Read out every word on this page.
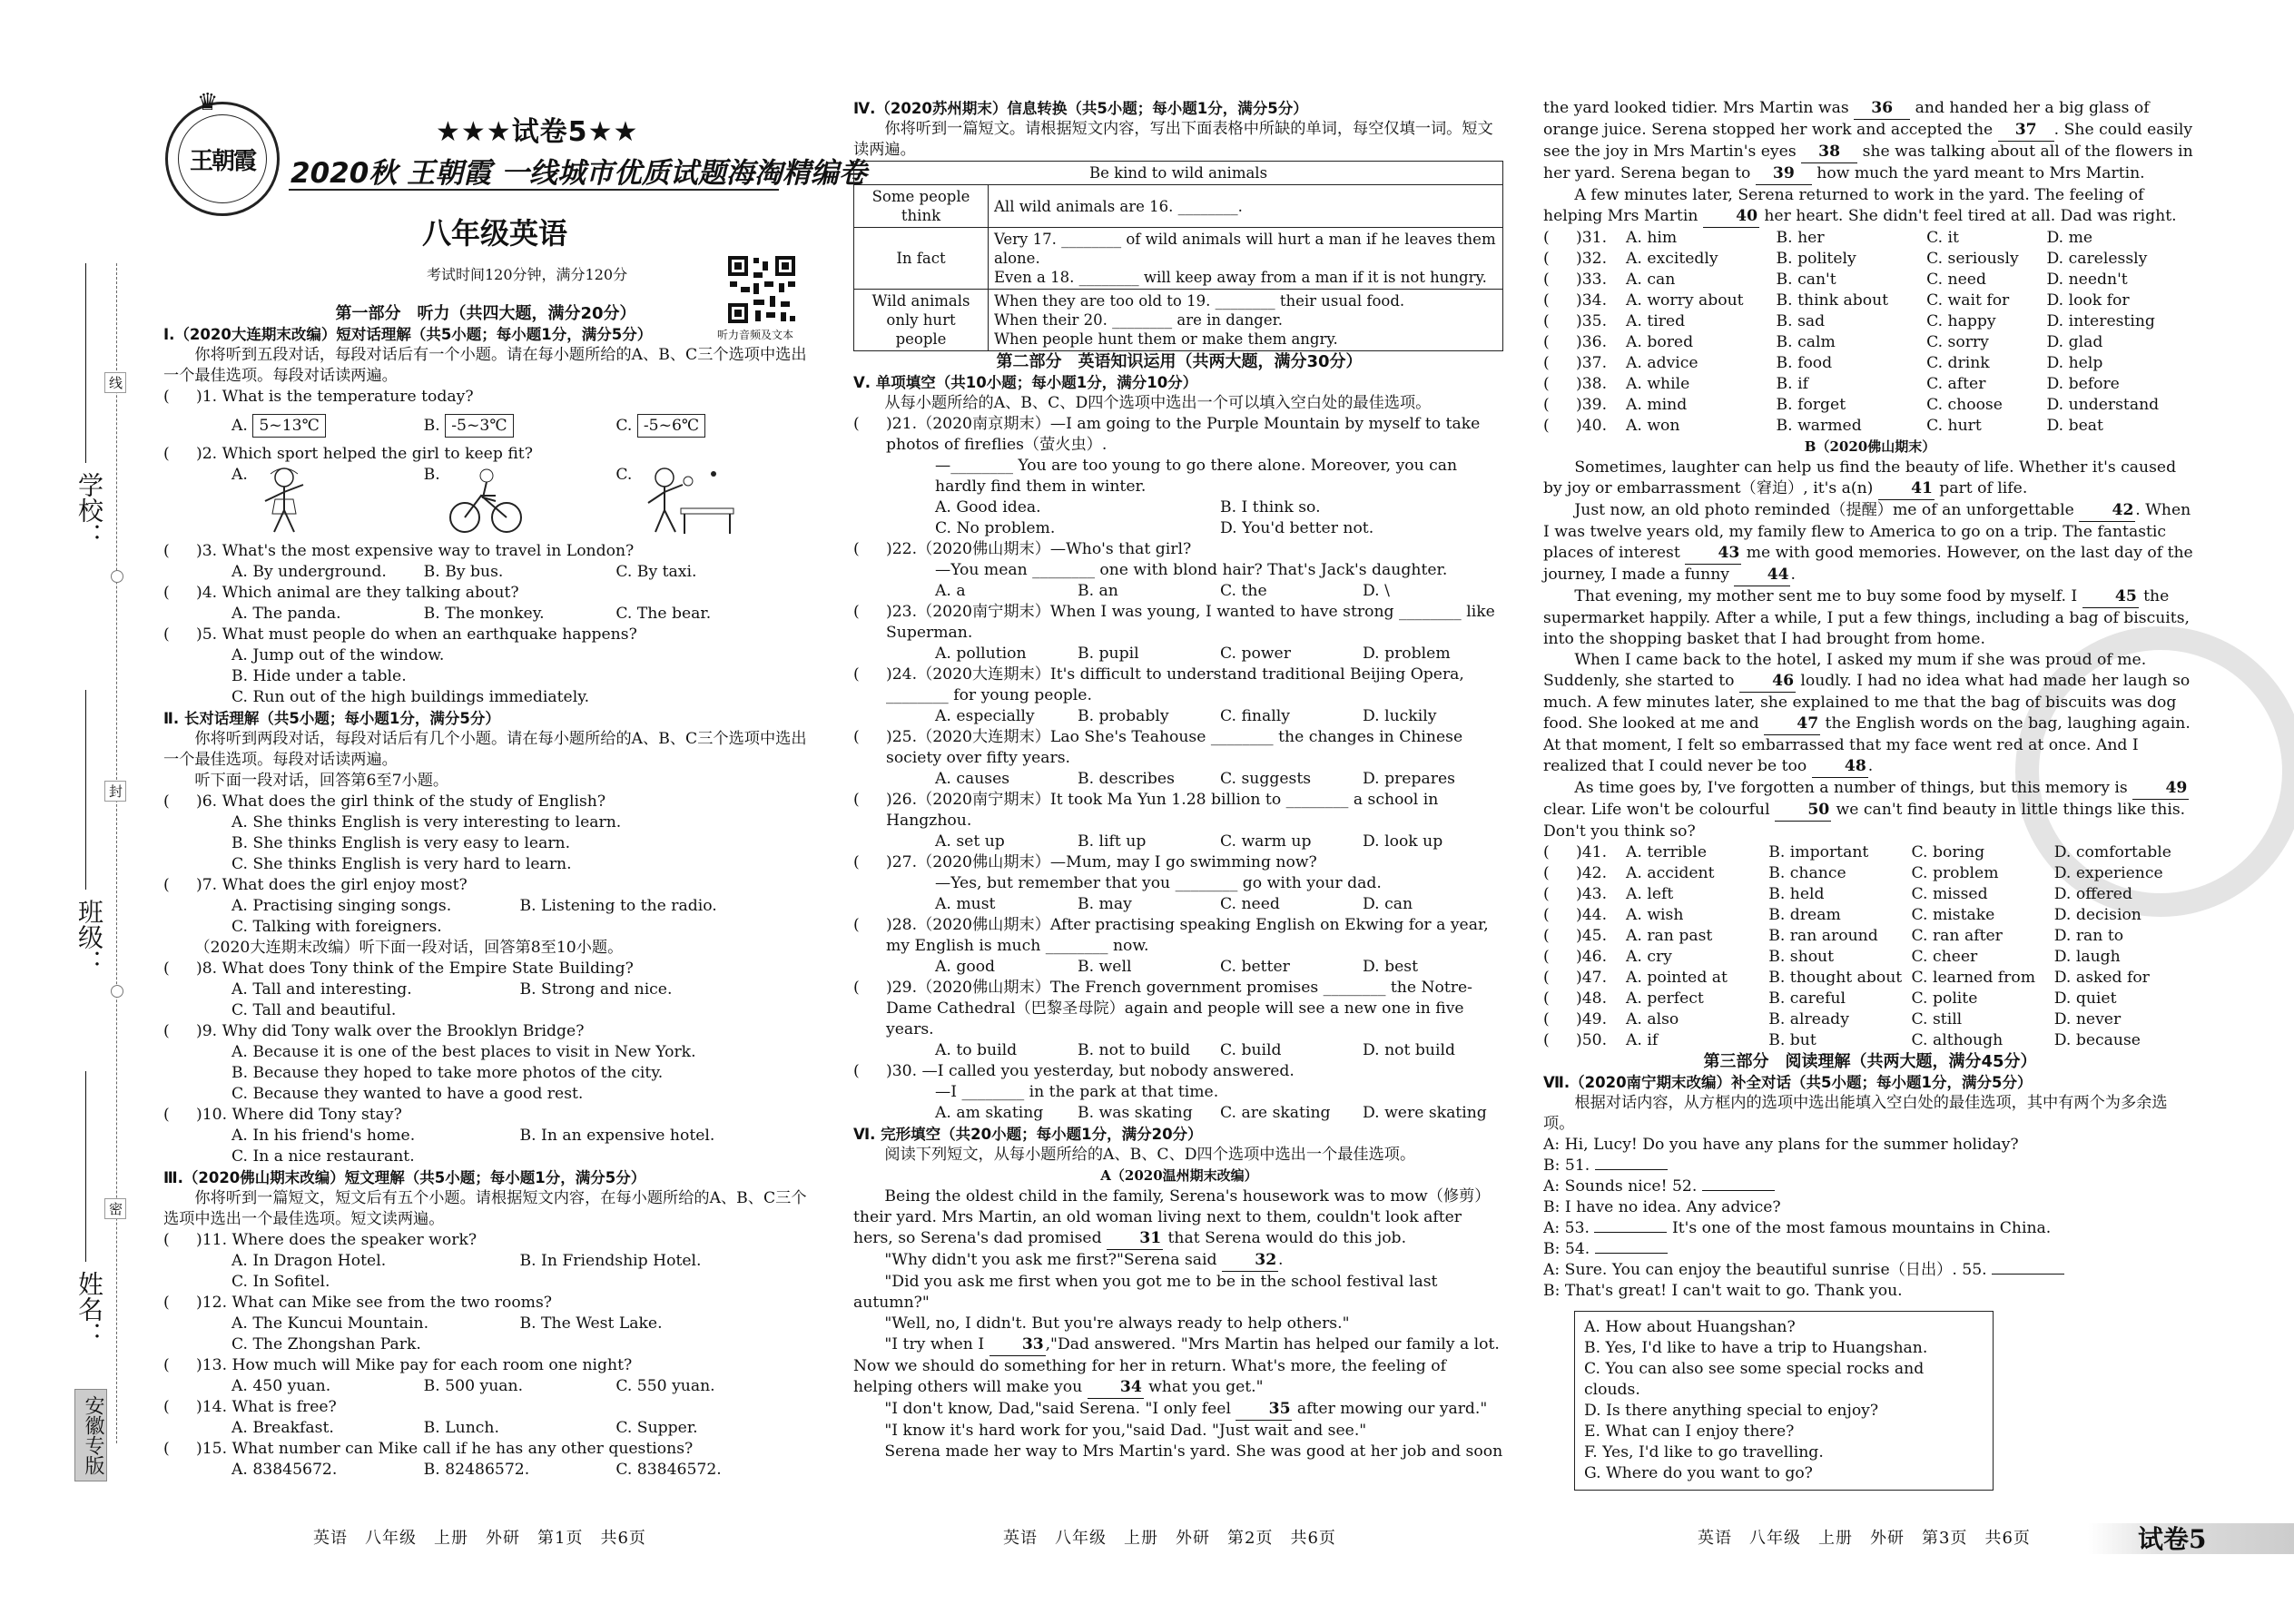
线
封
密
学校：
班级：
姓名：
安徽专版
王朝霞
♛
★★★试卷5★★
2020秋 王朝霞 一线城市优质试题海淘精编卷
八年级英语
考试时间120分钟，满分120分
听力音频及文本

第一部分　听力（共四大题，满分20分）

Ⅰ.（2020大连期末改编）短对话理解（共5小题；每小题1分，满分5分）

你将听到五段对话，每段对话后有一个小题。请在每小题所给的A、B、C三个选项中选出一个最佳选项。每段对话读两遍。

(	)1. What is the temperature today?
A. 5~13℃	B. -5~3℃	C. -5~6℃
(	)2. Which sport helped the girl to keep fit?
A.	B.	C.
(	)3. What's the most expensive way to travel in London?
A. By underground.	B. By bus.	C. By taxi.
(	)4. Which animal are they talking about?
A. The panda.	B. The monkey.	C. The bear.
(	)5. What must people do when an earthquake happens?

A. Jump out of the window.

B. Hide under a table.

C. Run out of the high buildings immediately.

Ⅱ. 长对话理解（共5小题；每小题1分，满分5分）

你将听到两段对话，每段对话后有几个小题。请在每小题所给的A、B、C三个选项中选出一个最佳选项。每段对话读两遍。

听下面一段对话，回答第6至7小题。

(	)6. What does the girl think of the study of English?

A. She thinks English is very interesting to learn.

B. She thinks English is very easy to learn.

C. She thinks English is very hard to learn.

(	)7. What does the girl enjoy most?
A. Practising singing songs.	B. Listening to the radio.

C. Talking with foreigners.

（2020大连期末改编）听下面一段对话，回答第8至10小题。

(	)8. What does Tony think of the Empire State Building?
A. Tall and interesting.	B. Strong and nice.

C. Tall and beautiful.

(	)9. Why did Tony walk over the Brooklyn Bridge?

A. Because it is one of the best places to visit in New York.

B. Because they hoped to take more photos of the city.

C. Because they wanted to have a good rest.

(	)10. Where did Tony stay?
A. In his friend's home.	B. In an expensive hotel.

C. In a nice restaurant.

Ⅲ.（2020佛山期末改编）短文理解（共5小题；每小题1分，满分5分）

你将听到一篇短文，短文后有五个小题。请根据短文内容，在每小题所给的A、B、C三个选项中选出一个最佳选项。短文读两遍。

(	)11. Where does the speaker work?
A. In Dragon Hotel.	B. In Friendship Hotel.

C. In Sofitel.

(	)12. What can Mike see from the two rooms?
A. The Kuncui Mountain.	B. The West Lake.

C. The Zhongshan Park.

(	)13. How much will Mike pay for each room one night?
A. 450 yuan.	B. 500 yuan.	C. 550 yuan.
(	)14. What is free?
A. Breakfast.	B. Lunch.	C. Supper.
(	)15. What number can Mike call if he has any other questions?
A. 83845672.	B. 82486572.	C. 83846572.

Ⅳ.（2020苏州期末）信息转换（共5小题；每小题1分，满分5分）

你将听到一篇短文。请根据短文内容，写出下面表格中所缺的单词，每空仅填一词。短文读两遍。

Be kind to wild animals	
Some people think	All wild animals are 16. ________.
In fact	Very 17. ________ of wild animals will hurt a man if he leaves them alone.
Even a 18. ________ will keep away from a man if it is not hungry.

Wild animals only hurt people	When they are too old to 19. ________ their usual food.
When their 20. ________ are in danger.
When people hunt them or make them angry.

第二部分　英语知识运用（共两大题，满分30分）

Ⅴ. 单项填空（共10小题；每小题1分，满分10分）

从每小题所给的A、B、C、D四个选项中选出一个可以填入空白处的最佳选项。

(	)21.（2020南京期末）—I am going to the Purple Mountain by myself to take photos of fireflies（萤火虫）.

—________ You are too young to go there alone. Moreover, you can hardly find them in winter.

A. Good idea.	B. I think so.
C. No problem.	D. You'd better not.
(	)22.（2020佛山期末）—Who's that girl?

—You mean ________ one with blond hair? That's Jack's daughter.

A. a	B. an	C. the	D. \
(	)23.（2020南宁期末）When I was young, I wanted to have strong ________ like Superman.
A. pollution	B. pupil	C. power	D. problem
(	)24.（2020大连期末）It's difficult to understand traditional Beijing Opera, ________ for young people.
A. especially	B. probably	C. finally	D. luckily
(	)25.（2020大连期末）Lao She's Teahouse ________ the changes in Chinese society over fifty years.
A. causes	B. describes	C. suggests	D. prepares
(	)26.（2020南宁期末）It took Ma Yun 1.28 billion to ________ a school in Hangzhou.
A. set up	B. lift up	C. warm up	D. look up
(	)27.（2020佛山期末）—Mum, may I go swimming now?

—Yes, but remember that you ________ go with your dad.

A. must	B. may	C. need	D. can
(	)28.（2020佛山期末）After practising speaking English on Ekwing for a year, my English is much ________ now.
A. good	B. well	C. better	D. best
(	)29.（2020佛山期末）The French government promises ________ the Notre-Dame Cathedral（巴黎圣母院）again and people will see a new one in five years.
A. to build	B. not to build	C. build	D. not build
(	)30. —I called you yesterday, but nobody answered.

—I ________ in the park at that time.

A. am skating	B. was skating	C. are skating	D. were skating

Ⅵ. 完形填空（共20小题；每小题1分，满分20分）

阅读下列短文，从每小题所给的A、B、C、D四个选项中选出一个最佳选项。

A（2020温州期末改编）

Being the oldest child in the family, Serena's housework was to mow（修剪）their yard. Mrs Martin, an old woman living next to them, couldn't look after hers, so Serena's dad promised 31 that Serena would do this job.

"Why didn't you ask me first?"Serena said 32 .

"Did you ask me first when you got me to be in the school festival last autumn?"

"Well, no, I didn't. But you're always ready to help others."

"I try when I 33 ,"Dad answered. "Mrs Martin has helped our family a lot. Now we should do something for her in return. What's more, the feeling of helping others will make you 34 what you get."

"I don't know, Dad,"said Serena. "I only feel 35 after mowing our yard."

"I know it's hard work for you,"said Dad. "Just wait and see."

Serena made her way to Mrs Martin's yard. She was good at her job and soon

the yard looked tidier. Mrs Martin was 36 and handed her a big glass of orange juice. Serena stopped her work and accepted the 37 . She could easily see the joy in Mrs Martin's eyes 38 she was talking about all of the flowers in her yard. Serena began to 39 how much the yard meant to Mrs Martin.

A few minutes later, Serena returned to work in the yard. The feeling of helping Mrs Martin 40 her heart. She didn't feel tired at all. Dad was right.

(	)31.	A. him	B. her	C. it	D. me
(	)32.	A. excitedly	B. politely	C. seriously	D. carelessly
(	)33.	A. can	B. can't	C. need	D. needn't
(	)34.	A. worry about	B. think about	C. wait for	D. look for
(	)35.	A. tired	B. sad	C. happy	D. interesting
(	)36.	A. bored	B. calm	C. sorry	D. glad
(	)37.	A. advice	B. food	C. drink	D. help
(	)38.	A. while	B. if	C. after	D. before
(	)39.	A. mind	B. forget	C. choose	D. understand
(	)40.	A. won	B. warmed	C. hurt	D. beat

B（2020佛山期末）

Sometimes, laughter can help us find the beauty of life. Whether it's caused by joy or embarrassment（窘迫）, it's a(n) 41 part of life.

Just now, an old photo reminded（提醒）me of an unforgettable 42 . When I was twelve years old, my family flew to America to go on a trip. The fantastic places of interest 43 me with good memories. However, on the last day of the journey, I made a funny 44 .

That evening, my mother sent me to buy some food by myself. I 45 the supermarket happily. After a while, I put a few things, including a bag of biscuits, into the shopping basket that I had brought from home.

When I came back to the hotel, I asked my mum if she was proud of me. Suddenly, she started to 46 loudly. I had no idea what had made her laugh so much. A few minutes later, she explained to me that the bag of biscuits was dog food. She looked at me and 47 the English words on the bag, laughing again. At that moment, I felt so embarrassed that my face went red at once. And I realized that I could never be too 48 .

As time goes by, I've forgotten a number of things, but this memory is 49 clear. Life won't be colourful 50 we can't find beauty in little things like this. Don't you think so?

(	)41.	A. terrible	B. important	C. boring	D. comfortable
(	)42.	A. accident	B. chance	C. problem	D. experience
(	)43.	A. left	B. held	C. missed	D. offered
(	)44.	A. wish	B. dream	C. mistake	D. decision
(	)45.	A. ran past	B. ran around	C. ran after	D. ran to
(	)46.	A. cry	B. shout	C. cheer	D. laugh
(	)47.	A. pointed at	B. thought about C. learned from	D. asked for
(	)48.	A. perfect	B. careful	C. polite	D. quiet
(	)49.	A. also	B. already	C. still	D. never
(	)50.	A. if	B. but	C. although	D. because

第三部分　阅读理解（共两大题，满分45分）

Ⅶ.（2020南宁期末改编）补全对话（共5小题；每小题1分，满分5分）

根据对话内容，从方框内的选项中选出能填入空白处的最佳选项，其中有两个为多余选项。

A: Hi, Lucy! Do you have any plans for the summer holiday?

B: 51.

A: Sounds nice! 52.

B: I have no idea. Any advice?

A: 53.	It's one of the most famous mountains in China.

B: 54.

A: Sure. You can enjoy the beautiful sunrise（日出）. 55.

B: That's great! I can't wait to go. Thank you.

A. How about Huangshan?

B. Yes, I'd like to have a trip to Huangshan.

C. You can also see some special rocks and clouds.

D. Is there anything special to enjoy?

E. What can I enjoy there?

F. Yes, I'd like to go travelling.

G. Where do you want to go?

英语　八年级　上册　外研　第1页　共6页	英语　八年级　上册　外研　第2页　共6页	英语　八年级　上册　外研　第3页　共6页	试卷5
